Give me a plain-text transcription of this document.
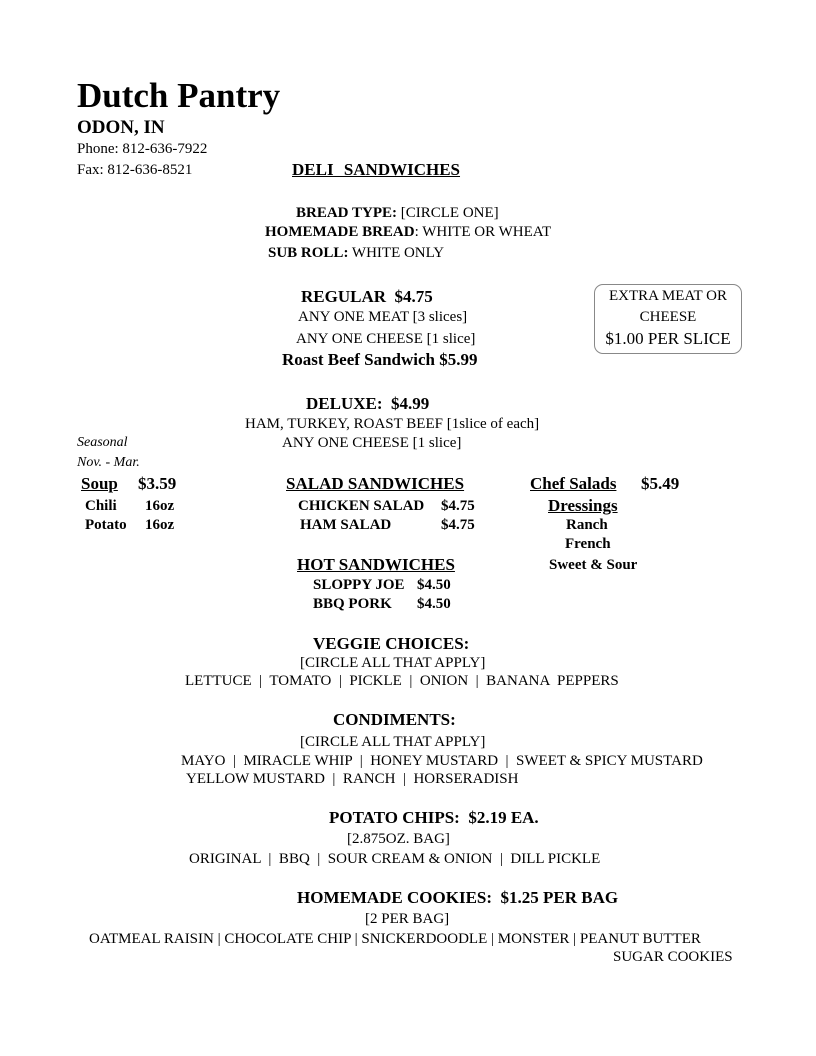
Dutch Pantry
ODON, IN
Phone: 812-636-7922
Fax: 812-636-8521	DELI SANDWICHES
BREAD TYPE: [CIRCLE ONE]
HOMEMADE BREAD: WHITE OR WHEAT
SUB ROLL: WHITE ONLY
REGULAR  $4.75
ANY ONE MEAT [3 slices]
ANY ONE CHEESE [1 slice]
Roast Beef Sandwich $5.99
EXTRA MEAT OR
CHEESE
$1.00 PER SLICE
DELUXE:  $4.99
HAM, TURKEY, ROAST BEEF [1slice of each]
ANY ONE CHEESE [1 slice]
Seasonal
Nov. - Mar.
Soup $3.59
Chili 16oz
Potato 16oz
SALAD SANDWICHES
CHICKEN SALAD $4.75
HAM SALAD	$4.75
HOT SANDWICHES
SLOPPY JOE $4.50
BBQ PORK $4.50
Chef Salads $5.49
Dressings
Ranch
French
Sweet & Sour
VEGGIE CHOICES:
[CIRCLE ALL THAT APPLY]
LETTUCE  |  TOMATO  |  PICKLE  |  ONION  |  BANANA  PEPPERS
CONDIMENTS:
[CIRCLE ALL THAT APPLY]
MAYO  |  MIRACLE WHIP  |  HONEY MUSTARD  |  SWEET & SPICY MUSTARD
YELLOW MUSTARD  |  RANCH  |  HORSERADISH
POTATO CHIPS:  $2.19 EA.
[2.875OZ. BAG]
ORIGINAL  |  BBQ  |  SOUR CREAM & ONION  |  DILL PICKLE
HOMEMADE COOKIES:  $1.25 PER BAG
[2 PER BAG]
OATMEAL RAISIN | CHOCOLATE CHIP | SNICKERDOODLE | MONSTER | PEANUT BUTTER
SUGAR COOKIES
